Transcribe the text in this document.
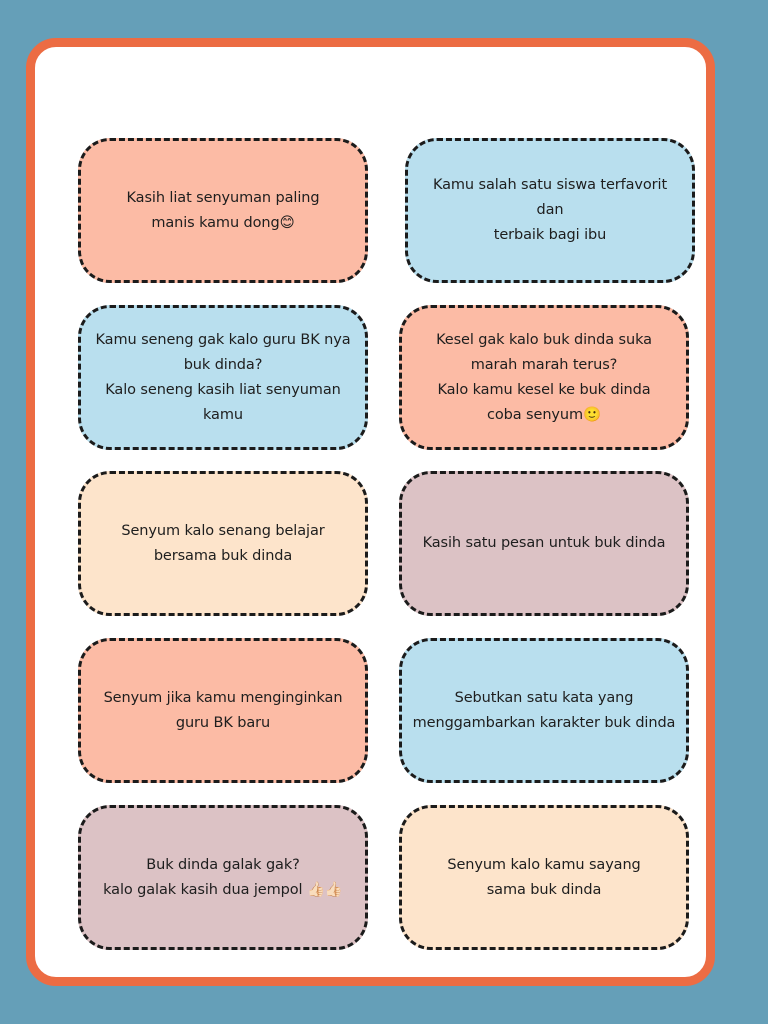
Kasih liat senyuman paling
manis kamu dong😊
Kamu salah satu siswa terfavorit dan
terbaik bagi ibu
Kamu seneng gak kalo guru BK nya
buk dinda?
Kalo seneng kasih liat senyuman kamu
Kesel gak kalo buk dinda suka
marah marah terus?
Kalo kamu kesel ke buk dinda
coba senyum🙂
Senyum kalo senang belajar
bersama buk dinda
Kasih satu pesan untuk buk dinda
Senyum jika kamu menginginkan
guru BK baru
Sebutkan satu kata yang
menggambarkan karakter buk dinda
Buk dinda galak gak?
kalo galak kasih dua jempol 👍🏻👍🏻
Senyum kalo kamu sayang
sama buk dinda
